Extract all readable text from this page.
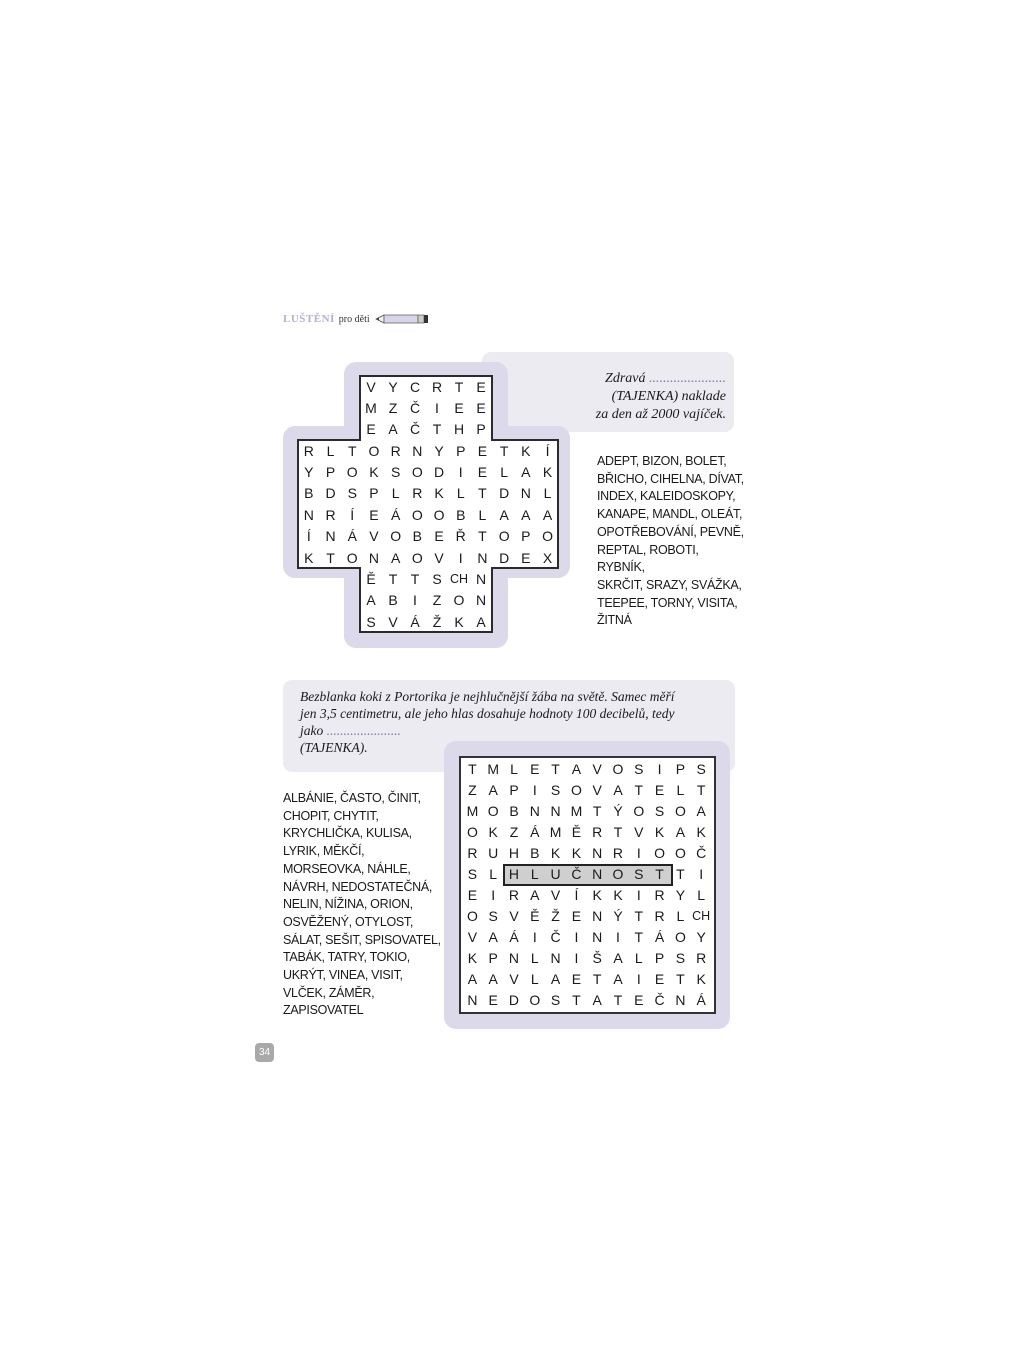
LUŠTĚNÍ pro děti
V Y C R T E
M Z Č	I	E E
E A Č T H P
R L T O R N Y P E T K	Í
Y P O K S O D	I	E L A K
B D S P L R K L T D N L
N R	Í	E Á O O B L A A A
Í	N Á V O B E Ř T O P O
K T O N A O V	I	N D E X
Ě T T S CH N
A B	I	Z O N
S V Á Ž K A
Zdravá ......................
(TAJENKA) naklade
za den až 2000 vajíček.
ADEPT, BIZON, BOLET,
BŘICHO, CIHELNA, DÍVAT,
INDEX, KALEIDOSKOPY,
KANAPE, MANDL, OLEÁT,
OPOTŘEBOVÁNÍ, PEVNĚ,
REPTAL, ROBOTI, RYBNÍK,
SKRČIT, SRAZY, SVÁŽKA,
TEEPEE, TORNY, VISITA,
ŽITNÁ
T M L E T A V O S	I	P S
Z A P	I	S O V A T E L T
M O B N N M T Ý O S O A
O K Z Á M Ě R T V K A K
R U H B K K N R I O O Č
S L H L U Č N O S T T	I
E	I R A V	Í	K K	I R Y L
O S V Ě Ž E N Ý T R L CH
V A Á	I Č I N I	T Á O Y
K P N L N I	Š A L P S R
A A V L A E T A	I	E T K
N E D O S T A T E Č N Á
Bezblanka koki z Portorika je nejhlučnější žába na světě. Samec měří
jen 3,5 centimetru, ale jeho hlas dosahuje hodnoty 100 decibelů, tedy
jako ......................
(TAJENKA).
ALBÁNIE, ČASTO, ČINIT,
CHOPIT, CHYTIT,
KRYCHLIČKA, KULISA,
LYRIK, MĚKČÍ,
MORSEOVKA, NÁHLE,
NÁVRH, NEDOSTATEČNÁ,
NELIN, NÍŽINA, ORION,
OSVĚŽENÝ, OTYLOST,
SÁLAT, SEŠIT, SPISOVATEL,
TABÁK, TATRY, TOKIO,
UKRÝT, VINEA, VISIT,
VLČEK, ZÁMĚR,
ZAPISOVATEL
34
